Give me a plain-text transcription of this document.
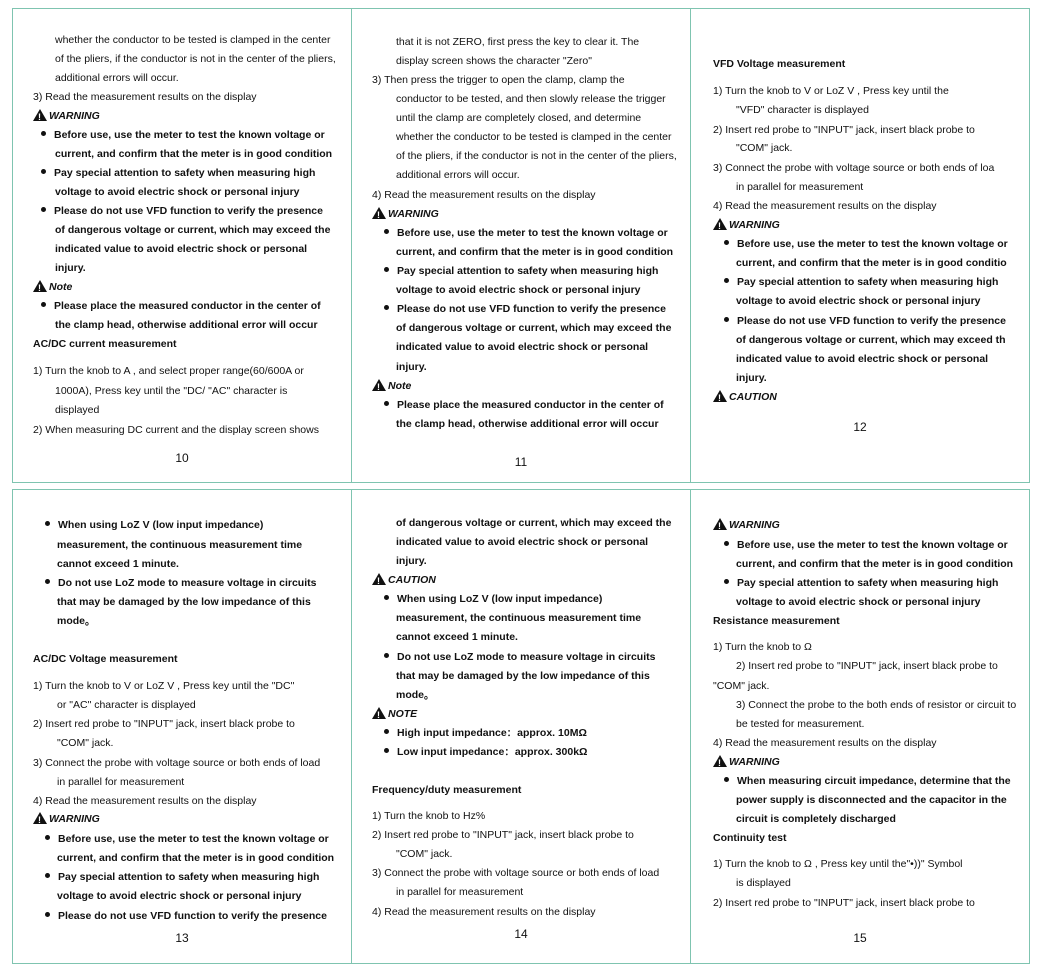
whether the conductor to be tested is clamped in the center
of the pliers, if the conductor is not in the center of the pliers,
additional errors will occur.
3) Read the measurement results on the display
!WARNING
Before use, use the meter to test the known voltage or
current, and confirm that the meter is in good condition
Pay special attention to safety when measuring high
voltage to avoid electric shock or personal injury
Please do not use VFD function to verify the presence
of dangerous voltage or current, which may exceed the
indicated value to avoid electric shock or personal
injury.
!Note
Please place the measured conductor in the center of
the clamp head, otherwise additional error will occur
AC/DC current measurement
1) Turn the knob to A , and select proper range(60/600A or
1000A), Press key until the "DC/ "AC" character is
displayed
2) When measuring DC current and the display screen shows
10
that it is not ZERO, first press the key to clear it. The
display screen shows the character "Zero"
3) Then press the trigger to open the clamp, clamp the
conductor to be tested, and then slowly release the trigger
until the clamp are completely closed, and determine
whether the conductor to be tested is clamped in the center
of the pliers, if the conductor is not in the center of the pliers,
additional errors will occur.
4) Read the measurement results on the display
!WARNING
Before use, use the meter to test the known voltage or
current, and confirm that the meter is in good condition
Pay special attention to safety when measuring high
voltage to avoid electric shock or personal injury
Please do not use VFD function to verify the presence
of dangerous voltage or current, which may exceed the
indicated value to avoid electric shock or personal
injury.
!Note
Please place the measured conductor in the center of
the clamp head, otherwise additional error will occur
11
VFD Voltage measurement
1) Turn the knob to V or LoZ V , Press key until the
"VFD" character is displayed
2) Insert red probe to "INPUT" jack, insert black probe to
"COM" jack.
3) Connect the probe with voltage source or both ends of loa
in parallel for measurement
4) Read the measurement results on the display
!WARNING
Before use, use the meter to test the known voltage or
current, and confirm that the meter is in good conditio
Pay special attention to safety when measuring high
voltage to avoid electric shock or personal injury
Please do not use VFD function to verify the presence
of dangerous voltage or current, which may exceed th
indicated value to avoid electric shock or personal
injury.
!CAUTION
12
When using LoZ V (low input impedance)
measurement, the continuous measurement time
cannot exceed 1 minute.
Do not use LoZ mode to measure voltage in circuits
that may be damaged by the low impedance of this
mode。
AC/DC Voltage measurement
1) Turn the knob to V or LoZ V , Press key until the "DC"
or "AC" character is displayed
2) Insert red probe to "INPUT" jack, insert black probe to
"COM" jack.
3) Connect the probe with voltage source or both ends of load
in parallel for measurement
4) Read the measurement results on the display
!WARNING
Before use, use the meter to test the known voltage or
current, and confirm that the meter is in good condition
Pay special attention to safety when measuring high
voltage to avoid electric shock or personal injury
Please do not use VFD function to verify the presence
13
of dangerous voltage or current, which may exceed the
indicated value to avoid electric shock or personal
injury.
!CAUTION
When using LoZ V (low input impedance)
measurement, the continuous measurement time
cannot exceed 1 minute.
Do not use LoZ mode to measure voltage in circuits
that may be damaged by the low impedance of this
mode。
!NOTE
High input impedance：approx. 10MΩ
Low input impedance：approx. 300kΩ
Frequency/duty measurement
1) Turn the knob to Hz%
2) Insert red probe to "INPUT" jack, insert black probe to
"COM" jack.
3) Connect the probe with voltage source or both ends of load
in parallel for measurement
4) Read the measurement results on the display
14
!WARNING
Before use, use the meter to test the known voltage or
current, and confirm that the meter is in good condition
Pay special attention to safety when measuring high
voltage to avoid electric shock or personal injury
Resistance measurement
1) Turn the knob to Ω
2) Insert red probe to "INPUT" jack, insert black probe to
"COM" jack.
3) Connect the probe to the both ends of resistor or circuit to
be tested for measurement.
4) Read the measurement results on the display
!WARNING
When measuring circuit impedance, determine that the
power supply is disconnected and the capacitor in the
circuit is completely discharged
Continuity test
1) Turn the knob to Ω , Press key until the"•))" Symbol
is displayed
2) Insert red probe to "INPUT" jack, insert black probe to
15
